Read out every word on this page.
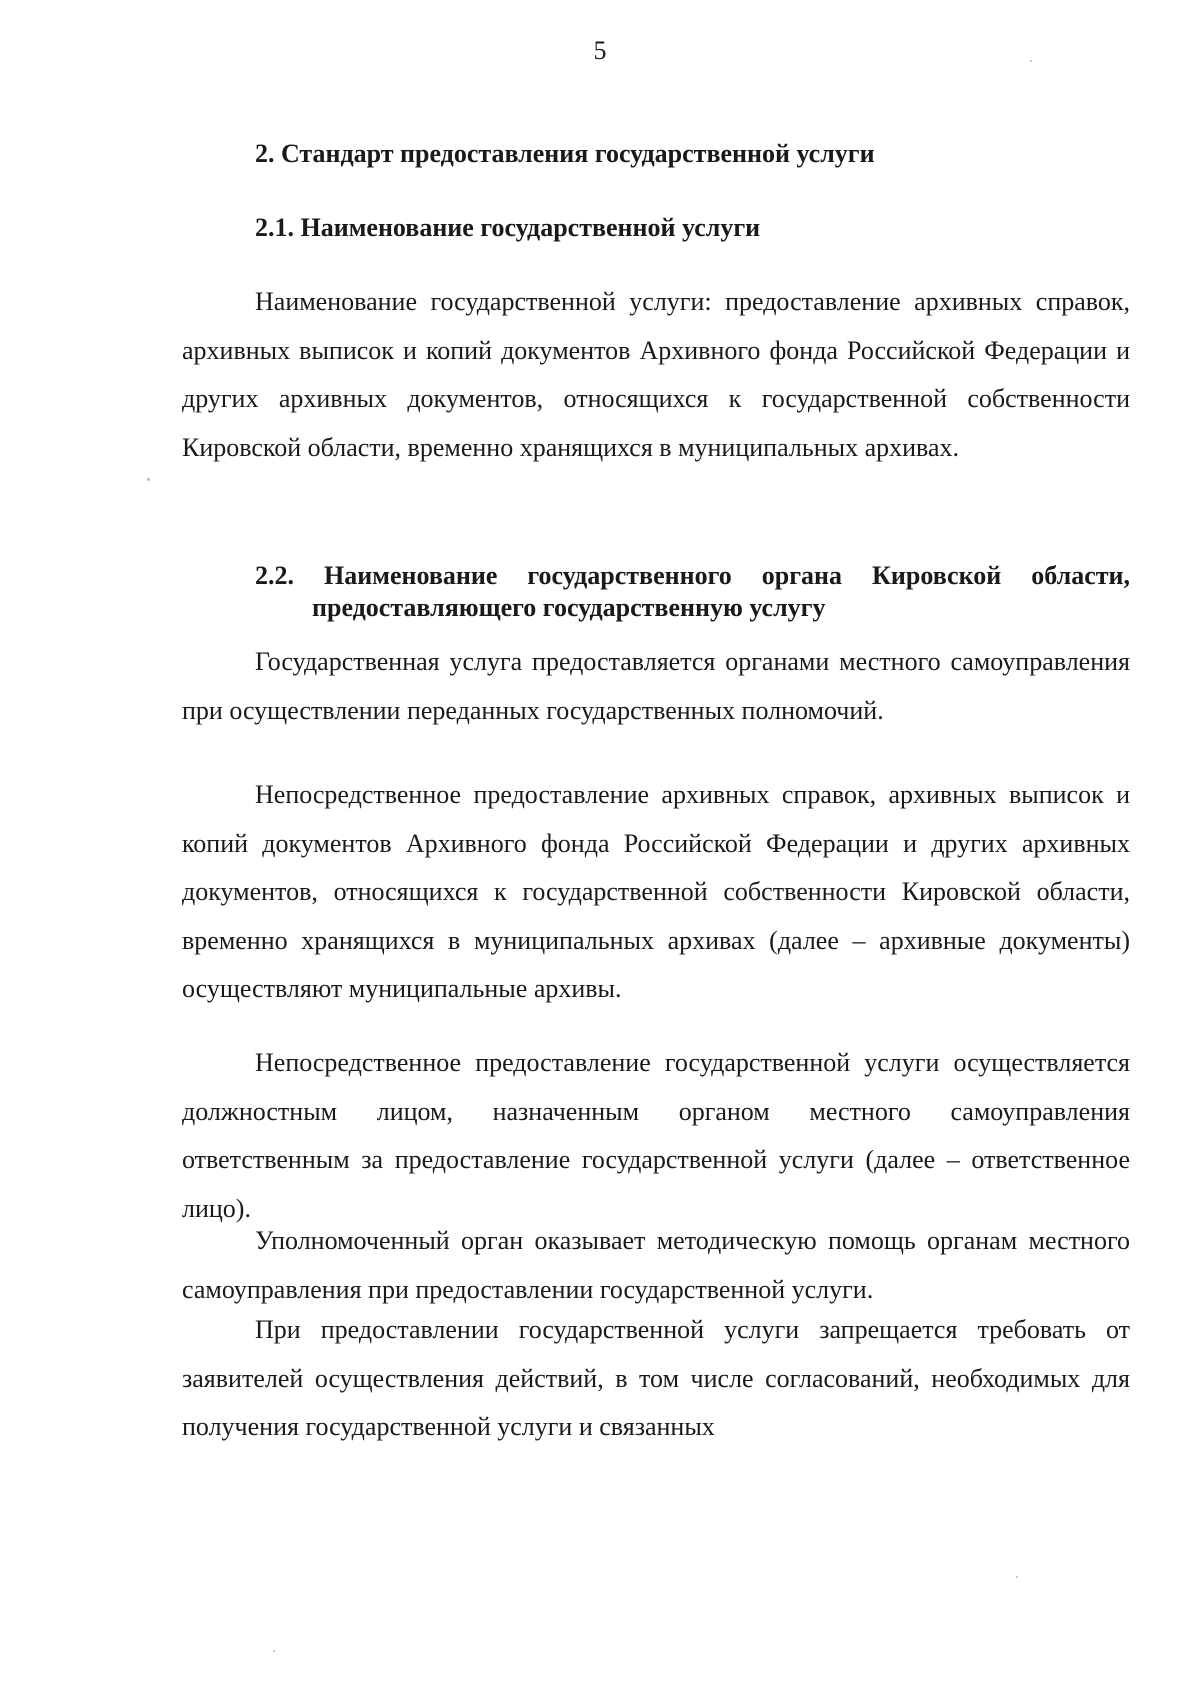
5
2. Стандарт предоставления государственной услуги
2.1. Наименование государственной услуги

Наименование государственной услуги: предоставление архивных справок, архивных выписок и копий документов Архивного фонда Российской Федерации и других архивных документов, относящихся к государственной собственности Кировской области, временно хранящихся в муниципальных архивах.

2.2. Наименование государственного органа Кировской области,
предоставляющего государственную услугу

Государственная услуга предоставляется органами местного самоуправления при осуществлении переданных государственных полномочий.

Непосредственное предоставление архивных справок, архивных выписок и копий документов Архивного фонда Российской Федерации и других архивных документов, относящихся к государственной собственности Кировской области, временно хранящихся в муниципальных архивах (далее – архивные документы) осуществляют муниципальные архивы.

Непосредственное предоставление государственной услуги осуществляется должностным лицом, назначенным органом местного самоуправления ответственным за предоставление государственной услуги (далее – ответственное лицо).

Уполномоченный орган оказывает методическую помощь органам местного самоуправления при предоставлении государственной услуги.

При предоставлении государственной услуги запрещается требовать от заявителей осуществления действий, в том числе согласований, необходимых для получения государственной услуги и связанных
